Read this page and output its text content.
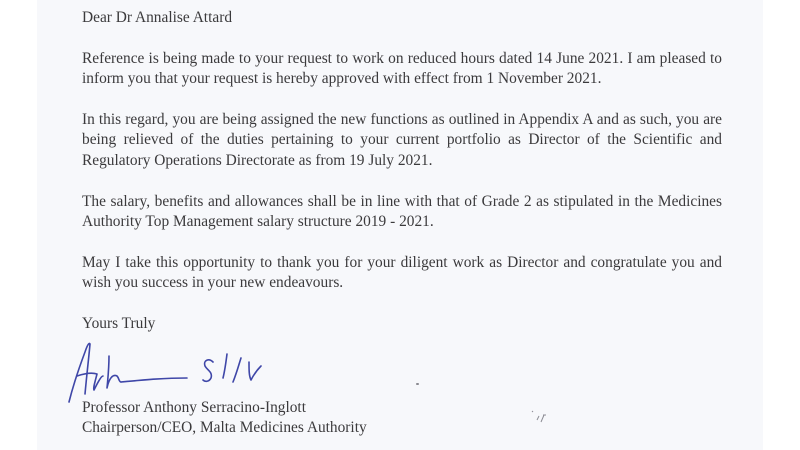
Dear Dr Annalise Attard
Reference is being made to your request to work on reduced hours dated 14 June 2021. I am pleased to
inform you that your request is hereby approved with effect from 1 November 2021.
In this regard, you are being assigned the new functions as outlined in Appendix A and as such, you are
being relieved of the duties pertaining to your current portfolio as Director of the Scientific and
Regulatory Operations Directorate as from 19 July 2021.
The salary, benefits and allowances shall be in line with that of Grade 2 as stipulated in the Medicines
Authority Top Management salary structure 2019 - 2021.
May I take this opportunity to thank you for your diligent work as Director and congratulate you and
wish you success in your new endeavours.
Yours Truly
Professor Anthony Serracino-Inglott
Chairperson/CEO, Malta Medicines Authority
